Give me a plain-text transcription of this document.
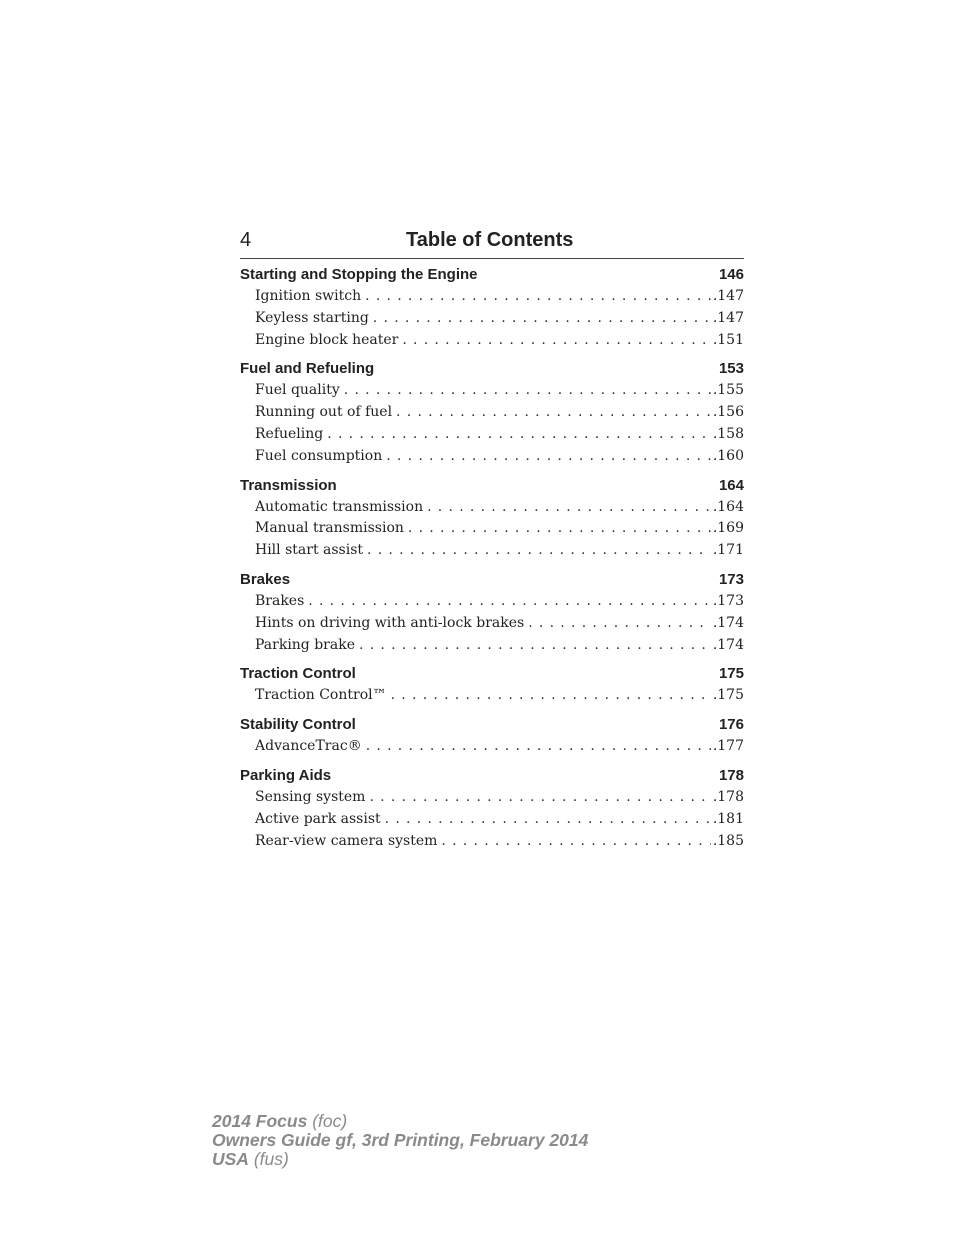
4	Table of Contents
Starting and Stopping the Engine	146
Ignition switch . . .	.147
Keyless starting . . .	.147
Engine block heater . . .	.151
Fuel and Refueling	153
Fuel quality . . .	.155
Running out of fuel . . .	.156
Refueling . . .	.158
Fuel consumption . . .	.160
Transmission	164
Automatic transmission . . .	.164
Manual transmission . . .	.169
Hill start assist . . .	.171
Brakes	173
Brakes . . .	.173
Hints on driving with anti-lock brakes . . .	.174
Parking brake . . .	.174
Traction Control	175
Traction Control™ . . .	.175
Stability Control	176
AdvanceTrac® . . .	.177
Parking Aids	178
Sensing system . . .	.178
Active park assist . . .	.181
Rear-view camera system . . .	.185
2014 Focus (foc)
Owners Guide gf, 3rd Printing, February 2014
USA (fus)
